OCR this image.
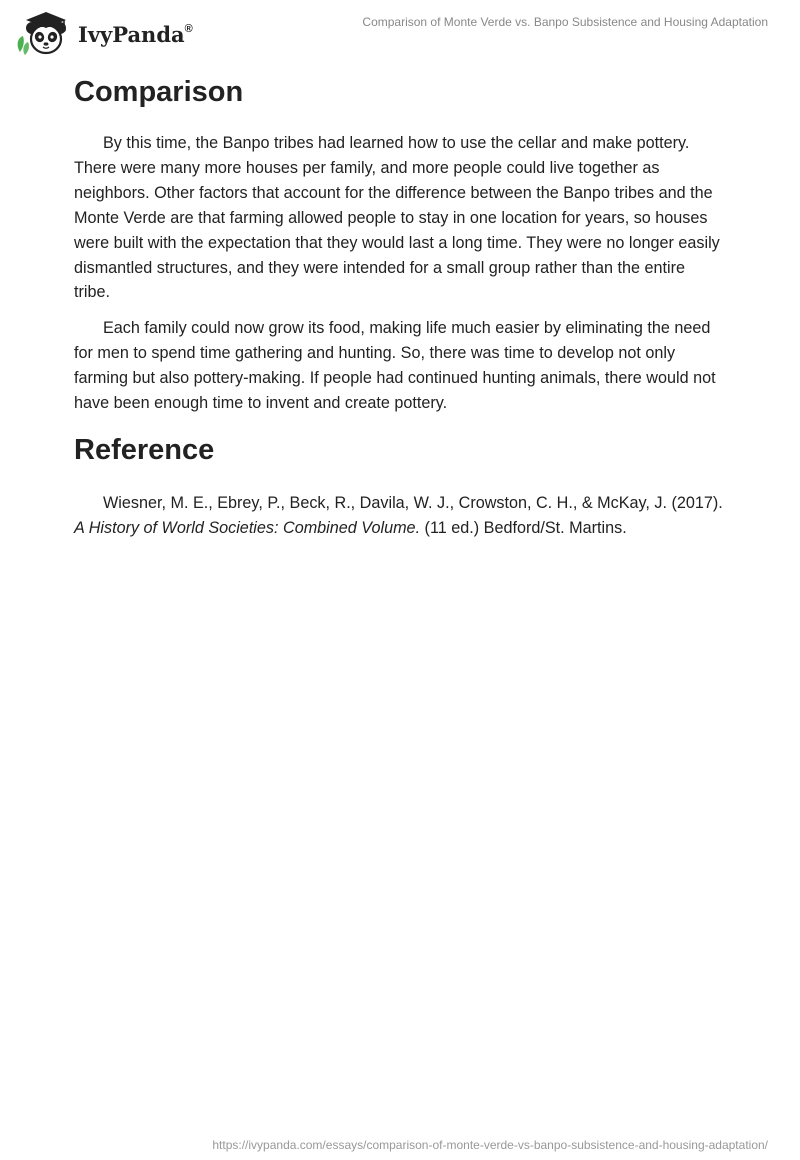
IvyPanda®	Comparison of Monte Verde vs. Banpo Subsistence and Housing Adaptation
Comparison

By this time, the Banpo tribes had learned how to use the cellar and make pottery. There were many more houses per family, and more people could live together as neighbors. Other factors that account for the difference between the Banpo tribes and the Monte Verde are that farming allowed people to stay in one location for years, so houses were built with the expectation that they would last a long time. They were no longer easily dismantled structures, and they were intended for a small group rather than the entire tribe.

Each family could now grow its food, making life much easier by eliminating the need for men to spend time gathering and hunting. So, there was time to develop not only farming but also pottery-making. If people had continued hunting animals, there would not have been enough time to invent and create pottery.

Reference

Wiesner, M. E., Ebrey, P., Beck, R., Davila, W. J., Crowston, C. H., & McKay, J. (2017). A History of World Societies: Combined Volume. (11 ed.) Bedford/St. Martins.

https://ivypanda.com/essays/comparison-of-monte-verde-vs-banpo-subsistence-and-housing-adaptation/
